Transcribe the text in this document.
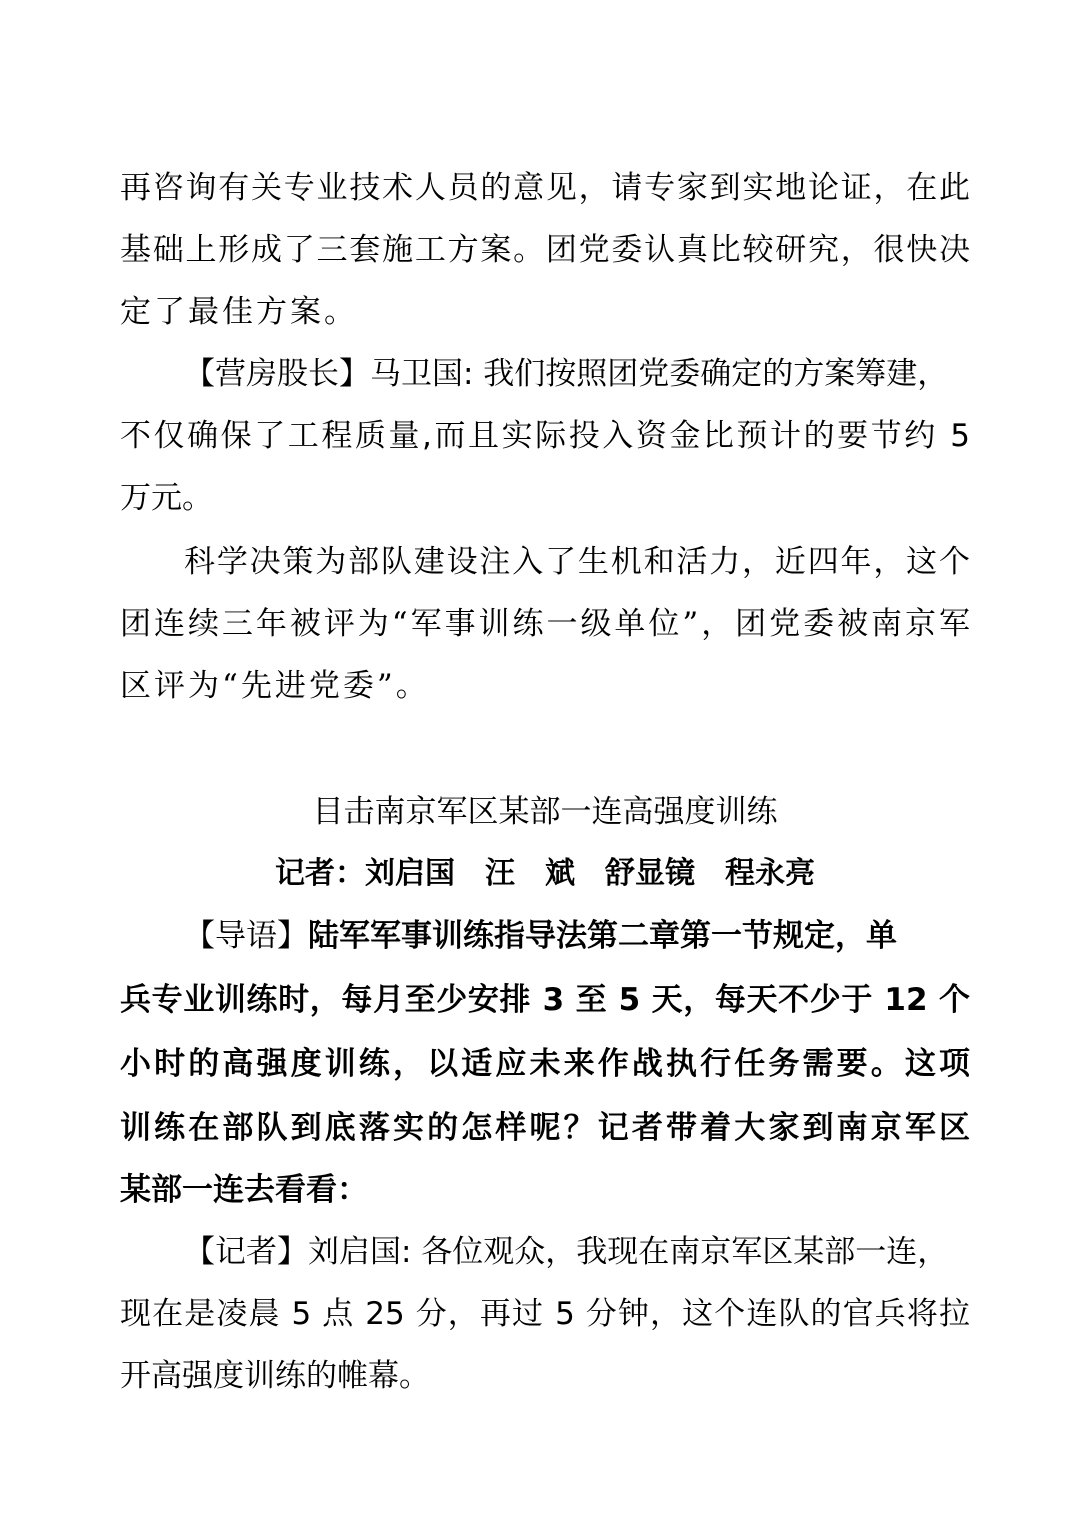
再咨询有关专业技术人员的意见，请专家到实地论证，在此
基础上形成了三套施工方案。团党委认真比较研究，很快决
定了最佳方案。
【营房股长】马卫国: 我们按照团党委确定的方案筹建，
不仅确保了工程质量,而且实际投入资金比预计的要节约 5
万元。
科学决策为部队建设注入了生机和活力，近四年，这个
团连续三年被评为“军事训练一级单位”，团党委被南京军
区评为“先进党委”。
目击南京军区某部一连高强度训练
记者：刘启国　汪　斌　舒显镜　程永亮
【导语】陆军军事训练指导法第二章第一节规定，单
兵专业训练时，每月至少安排 3 至 5 天，每天不少于 12 个
小时的高强度训练，以适应未来作战执行任务需要。这项
训练在部队到底落实的怎样呢？记者带着大家到南京军区
某部一连去看看：
【记者】刘启国: 各位观众，我现在南京军区某部一连，
现在是凌晨 5 点 25 分，再过 5 分钟，这个连队的官兵将拉
开高强度训练的帷幕。
